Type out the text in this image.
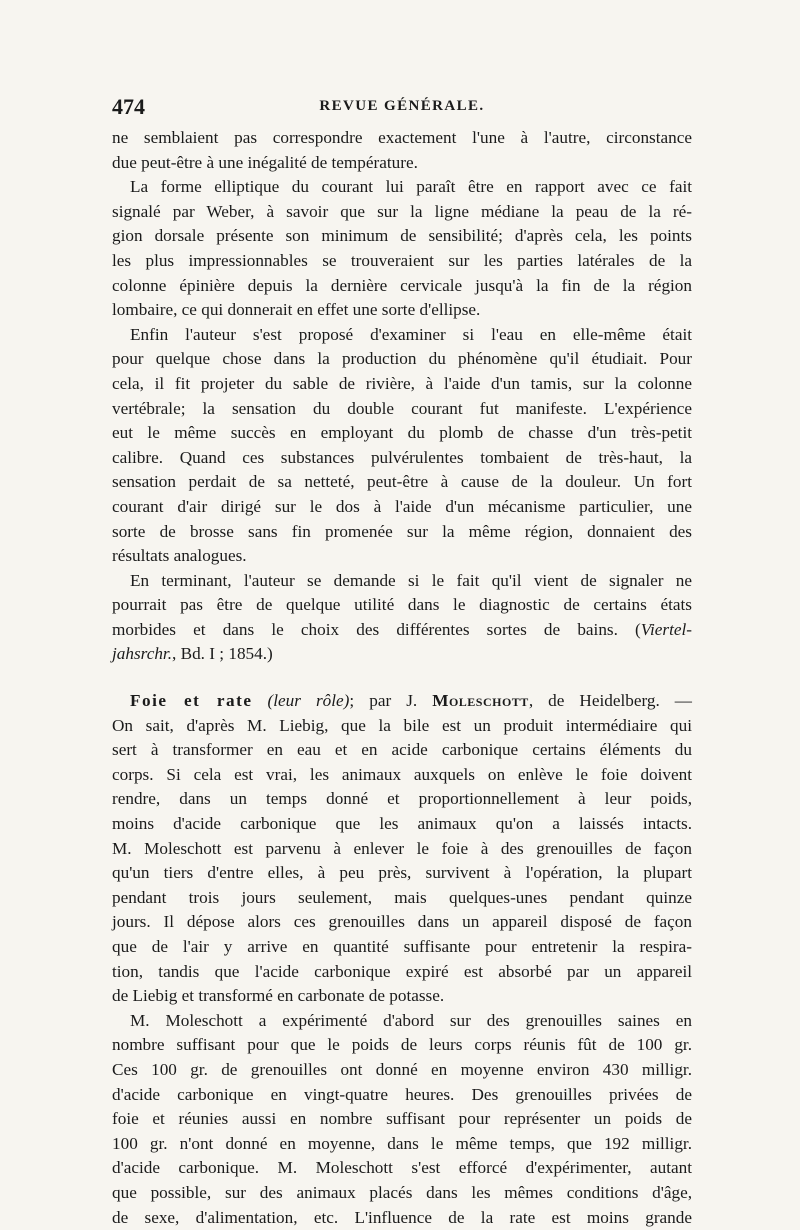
474	REVUE GÉNÉRALE.

ne semblaient pas correspondre exactement l'une à l'autre, circonstance
due peut-être à une inégalité de température.

La forme elliptique du courant lui paraît être en rapport avec ce fait
signalé par Weber, à savoir que sur la ligne médiane la peau de la ré-
gion dorsale présente son minimum de sensibilité; d'après cela, les points
les plus impressionnables se trouveraient sur les parties latérales de la
colonne épinière depuis la dernière cervicale jusqu'à la fin de la région
lombaire, ce qui donnerait en effet une sorte d'ellipse.

Enfin l'auteur s'est proposé d'examiner si l'eau en elle-même était
pour quelque chose dans la production du phénomène qu'il étudiait. Pour
cela, il fit projeter du sable de rivière, à l'aide d'un tamis, sur la colonne
vertébrale; la sensation du double courant fut manifeste. L'expérience
eut le même succès en employant du plomb de chasse d'un très-petit
calibre. Quand ces substances pulvérulentes tombaient de très-haut, la
sensation perdait de sa netteté, peut-être à cause de la douleur. Un fort
courant d'air dirigé sur le dos à l'aide d'un mécanisme particulier, une
sorte de brosse sans fin promenée sur la même région, donnaient des
résultats analogues.

En terminant, l'auteur se demande si le fait qu'il vient de signaler ne
pourrait pas être de quelque utilité dans le diagnostic de certains états
morbides et dans le choix des différentes sortes de bains. (Viertel-
jahsrchr., Bd. I ; 1854.)

Foie et rate (leur rôle); par J. Moleschott, de Heidelberg. —
On sait, d'après M. Liebig, que la bile est un produit intermédiaire qui
sert à transformer en eau et en acide carbonique certains éléments du
corps. Si cela est vrai, les animaux auxquels on enlève le foie doivent
rendre, dans un temps donné et proportionnellement à leur poids,
moins d'acide carbonique que les animaux qu'on a laissés intacts.
M. Moleschott est parvenu à enlever le foie à des grenouilles de façon
qu'un tiers d'entre elles, à peu près, survivent à l'opération, la plupart
pendant trois jours seulement, mais quelques-unes pendant quinze
jours. Il dépose alors ces grenouilles dans un appareil disposé de façon
que de l'air y arrive en quantité suffisante pour entretenir la respira-
tion, tandis que l'acide carbonique expiré est absorbé par un appareil
de Liebig et transformé en carbonate de potasse.

M. Moleschott a expérimenté d'abord sur des grenouilles saines en
nombre suffisant pour que le poids de leurs corps réunis fût de 100 gr.
Ces 100 gr. de grenouilles ont donné en moyenne environ 430 milligr.
d'acide carbonique en vingt-quatre heures. Des grenouilles privées de
foie et réunies aussi en nombre suffisant pour représenter un poids de
100 gr. n'ont donné en moyenne, dans le même temps, que 192 milligr.
d'acide carbonique. M. Moleschott s'est efforcé d'expérimenter, autant
que possible, sur des animaux placés dans les mêmes conditions d'âge,
de sexe, d'alimentation, etc. L'influence de la rate est moins grande
